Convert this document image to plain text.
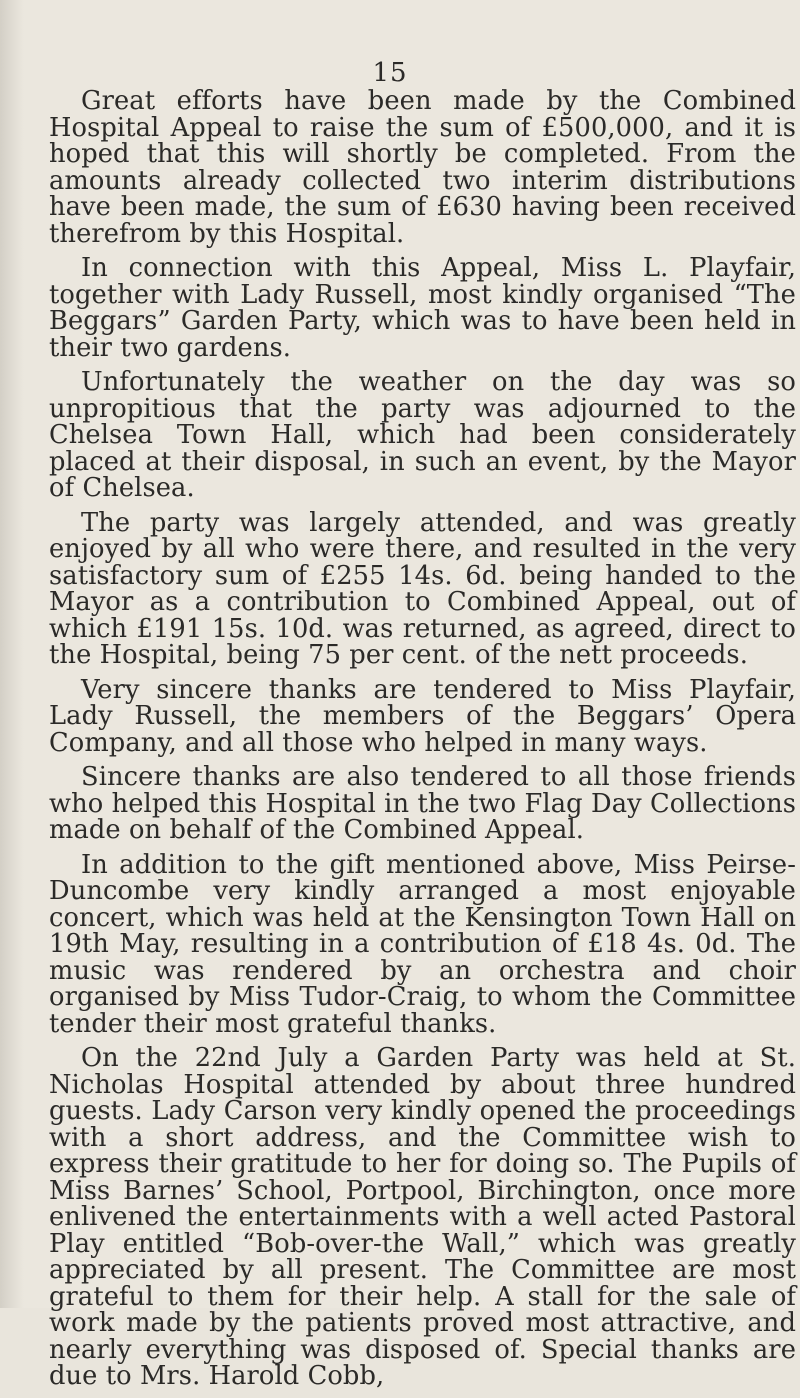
15

Great efforts have been made by the Combined Hospital Appeal to raise the sum of £500,000, and it is hoped that this will shortly be completed. From the amounts already collected two interim distributions have been made, the sum of £630 having been received therefrom by this Hospital.

In connection with this Appeal, Miss L. Playfair, together with Lady Russell, most kindly organised “The Beggars” Garden Party, which was to have been held in their two gardens.

Unfortunately the weather on the day was so unpropitious that the party was adjourned to the Chelsea Town Hall, which had been considerately placed at their disposal, in such an event, by the Mayor of Chelsea.

The party was largely attended, and was greatly enjoyed by all who were there, and resulted in the very satisfactory sum of £255 14s. 6d. being handed to the Mayor as a contribution to Combined Appeal, out of which £191 15s. 10d. was returned, as agreed, direct to the Hospital, being 75 per cent. of the nett proceeds.

Very sincere thanks are tendered to Miss Playfair, Lady Russell, the members of the Beggars’ Opera Company, and all those who helped in many ways.

Sincere thanks are also tendered to all those friends who helped this Hospital in the two Flag Day Collections made on behalf of the Combined Appeal.

In addition to the gift mentioned above, Miss Peirse-Duncombe very kindly arranged a most enjoyable concert, which was held at the Kensington Town Hall on 19th May, resulting in a contribution of £18 4s. 0d. The music was rendered by an orchestra and choir organised by Miss Tudor-Craig, to whom the Committee tender their most grateful thanks.

On the 22nd July a Garden Party was held at St. Nicholas Hospital attended by about three hundred guests. Lady Carson very kindly opened the proceedings with a short address, and the Committee wish to express their gratitude to her for doing so. The Pupils of Miss Barnes’ School, Portpool, Birchington, once more enlivened the entertainments with a well acted Pastoral Play entitled “Bob-over-the Wall,” which was greatly appreciated by all present. The Committee are most grateful to them for their help. A stall for the sale of work made by the patients proved most attractive, and nearly everything was disposed of. Special thanks are due to Mrs. Harold Cobb,
